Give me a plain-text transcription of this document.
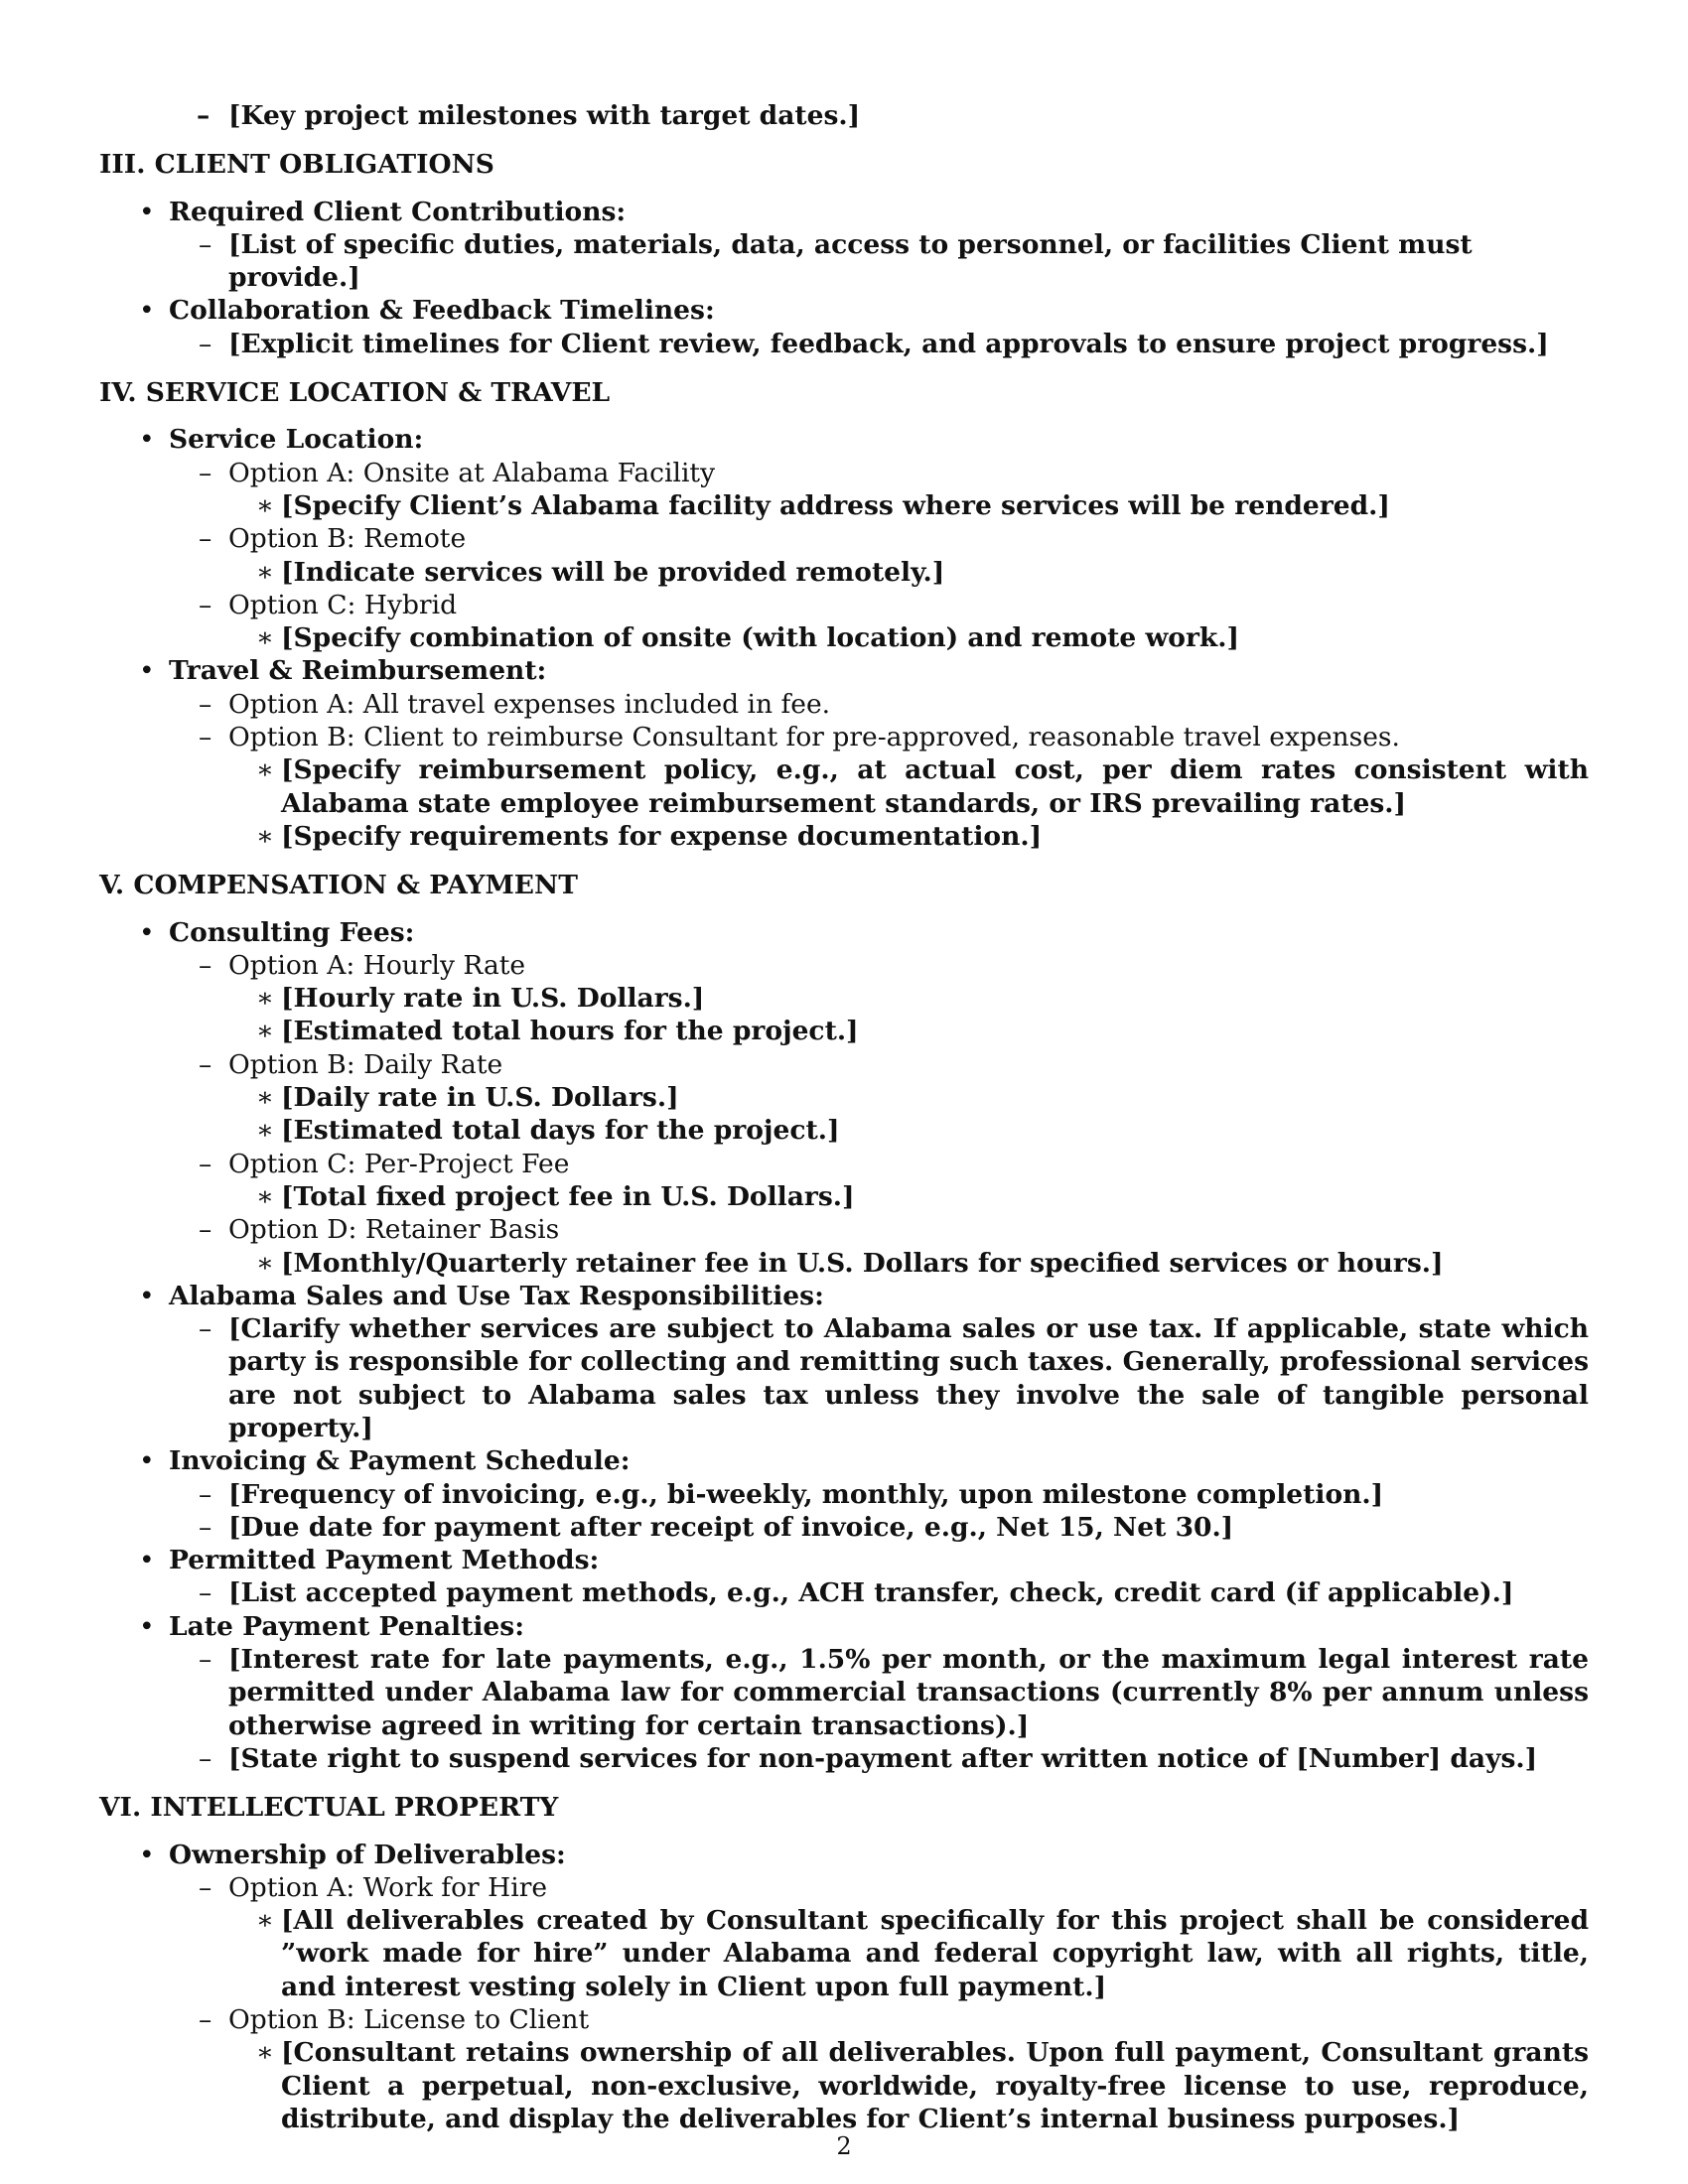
– [Key project milestones with target dates.]
III. CLIENT OBLIGATIONS
• Required Client Contributions:
– [List of specific duties, materials, data, access to personnel, or facilities Client must provide.]
• Collaboration & Feedback Timelines:
– [Explicit timelines for Client review, feedback, and approvals to ensure project progress.]
IV. SERVICE LOCATION & TRAVEL
• Service Location:
– Option A: Onsite at Alabama Facility
∗ [Specify Client’s Alabama facility address where services will be rendered.]
– Option B: Remote
∗ [Indicate services will be provided remotely.]
– Option C: Hybrid
∗ [Specify combination of onsite (with location) and remote work.]
• Travel & Reimbursement:
– Option A: All travel expenses included in fee.
– Option B: Client to reimburse Consultant for pre-approved, reasonable travel expenses.
∗ [Specify reimbursement policy, e.g., at actual cost, per diem rates consistent with Alabama state employee reimbursement standards, or IRS prevailing rates.]
∗ [Specify requirements for expense documentation.]
V. COMPENSATION & PAYMENT
• Consulting Fees:
– Option A: Hourly Rate
∗ [Hourly rate in U.S. Dollars.]
∗ [Estimated total hours for the project.]
– Option B: Daily Rate
∗ [Daily rate in U.S. Dollars.]
∗ [Estimated total days for the project.]
– Option C: Per-Project Fee
∗ [Total fixed project fee in U.S. Dollars.]
– Option D: Retainer Basis
∗ [Monthly/Quarterly retainer fee in U.S. Dollars for specified services or hours.]
• Alabama Sales and Use Tax Responsibilities:
– [Clarify whether services are subject to Alabama sales or use tax. If applicable, state which party is responsible for collecting and remitting such taxes. Generally, professional services are not subject to Alabama sales tax unless they involve the sale of tangible personal property.]
• Invoicing & Payment Schedule:
– [Frequency of invoicing, e.g., bi-weekly, monthly, upon milestone completion.]
– [Due date for payment after receipt of invoice, e.g., Net 15, Net 30.]
• Permitted Payment Methods:
– [List accepted payment methods, e.g., ACH transfer, check, credit card (if applicable).]
• Late Payment Penalties:
– [Interest rate for late payments, e.g., 1.5% per month, or the maximum legal interest rate permitted under Alabama law for commercial transactions (currently 8% per annum unless otherwise agreed in writing for certain transactions).]
– [State right to suspend services for non-payment after written notice of [Number] days.]
VI. INTELLECTUAL PROPERTY
• Ownership of Deliverables:
– Option A: Work for Hire
∗ [All deliverables created by Consultant specifically for this project shall be considered ”work made for hire” under Alabama and federal copyright law, with all rights, title, and interest vesting solely in Client upon full payment.]
– Option B: License to Client
∗ [Consultant retains ownership of all deliverables. Upon full payment, Consultant grants Client a perpetual, non-exclusive, worldwide, royalty-free license to use, reproduce, distribute, and display the deliverables for Client’s internal business purposes.]
2
